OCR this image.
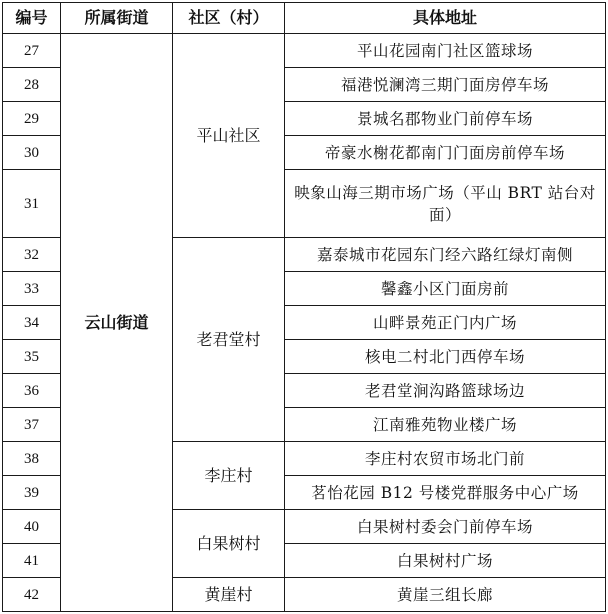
编号	所属街道	社区（村）	具体地址
27	云山街道	平山社区	平山花园南门社区篮球场
28			福港悦澜湾三期门面房停车场
29			景城名郡物业门前停车场
30			帝豪水榭花都南门门面房前停车场
31			映象山海三期市场广场（平山 BRT 站台对面）
32		老君堂村	嘉泰城市花园东门经六路红绿灯南侧
33			馨鑫小区门面房前
34			山畔景苑正门内广场
35			核电二村北门西停车场
36			老君堂涧沟路篮球场边
37			江南雅苑物业楼广场
38		李庄村	李庄村农贸市场北门前
39			茗怡花园 B12 号楼党群服务中心广场
40		白果树村	白果树村委会门前停车场
41			白果树村广场
42		黄崖村	黄崖三组长廊
